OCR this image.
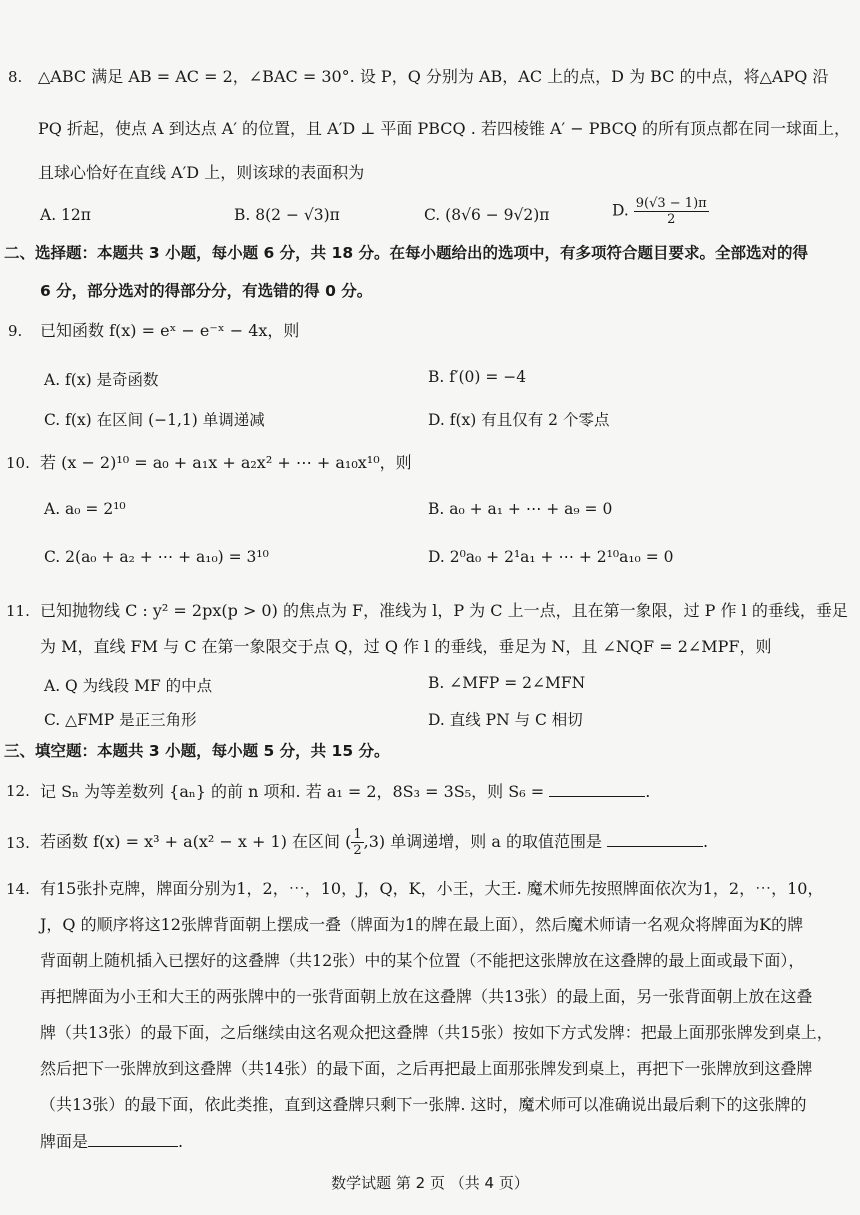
8. △ABC 满足 AB = AC = 2，∠BAC = 30°. 设 P，Q 分别为 AB，AC 上的点，D 为 BC 的中点，将△APQ 沿
PQ 折起，使点 A 到达点 A′ 的位置，且 A′D ⊥ 平面 PBCQ . 若四棱锥 A′ − PBCQ 的所有顶点都在同一球面上，
且球心恰好在直线 A′D 上，则该球的表面积为
A. 12π	B. 8(2 − √3)π	C. (8√6 − 9√2)π	D. $\frac{9(√3 - 1)\pi}{2}$
二、选择题：本题共 3 小题，每小题 6 分，共 18 分。在每小题给出的选项中，有多项符合题目要求。全部选对的得
6 分，部分选对的得部分分，有选错的得 0 分。
9. 已知函数 f(x) = eˣ − e⁻ˣ − 4x，则
A. f(x) 是奇函数	B. f′(0) = −4
C. f(x) 在区间 (−1,1) 单调递减	D. f(x) 有且仅有 2 个零点
10. 若 (x − 2)¹⁰ = a₀ + a₁x + a₂x² + ⋯ + a₁₀x¹⁰，则
A. a₀ = 2¹⁰	B. a₀ + a₁ + ⋯ + a₉ = 0
C. 2(a₀ + a₂ + ⋯ + a₁₀) = 3¹⁰	D. 2⁰a₀ + 2¹a₁ + ⋯ + 2¹⁰a₁₀ = 0
11. 已知抛物线 C : y² = 2px(p > 0) 的焦点为 F，准线为 l，P 为 C 上一点，且在第一象限，过 P 作 l 的垂线，垂足
为 M，直线 FM 与 C 在第一象限交于点 Q，过 Q 作 l 的垂线，垂足为 N，且 ∠NQF = 2∠MPF，则
A. Q 为线段 MF 的中点	B. ∠MFP = 2∠MFN
C. △FMP 是正三角形	D. 直线 PN 与 C 相切
三、填空题：本题共 3 小题，每小题 5 分，共 15 分。
12. 记 Sₙ 为等差数列 {aₙ} 的前 n 项和. 若 a₁ = 2，8S₃ = 3S₅，则 S₆ =	.
13. 若函数 f(x) = x³ + a(x² − x + 1) 在区间 ( $\frac{1}{2} ,3$) 单调递增，则 a 的取值范围是	.
14. 有15张扑克牌，牌面分别为1，2，⋯，10，J，Q，K，小王，大王. 魔术师先按照牌面依次为1，2，⋯，10，
J，Q 的顺序将这12张牌背面朝上摆成一叠（牌面为1的牌在最上面），然后魔术师请一名观众将牌面为K的牌
背面朝上随机插入已摆好的这叠牌（共12张）中的某个位置（不能把这张牌放在这叠牌的最上面或最下面），
再把牌面为小王和大王的两张牌中的一张背面朝上放在这叠牌（共13张）的最上面，另一张背面朝上放在这叠
牌（共13张）的最下面，之后继续由这名观众把这叠牌（共15张）按如下方式发牌：把最上面那张牌发到桌上，
然后把下一张牌放到这叠牌（共14张）的最下面，之后再把最上面那张牌发到桌上，再把下一张牌放到这叠牌
（共13张）的最下面，依此类推，直到这叠牌只剩下一张牌. 这时，魔术师可以准确说出最后剩下的这张牌的
牌面是	.
数学试题 第 2 页 （共 4 页）
